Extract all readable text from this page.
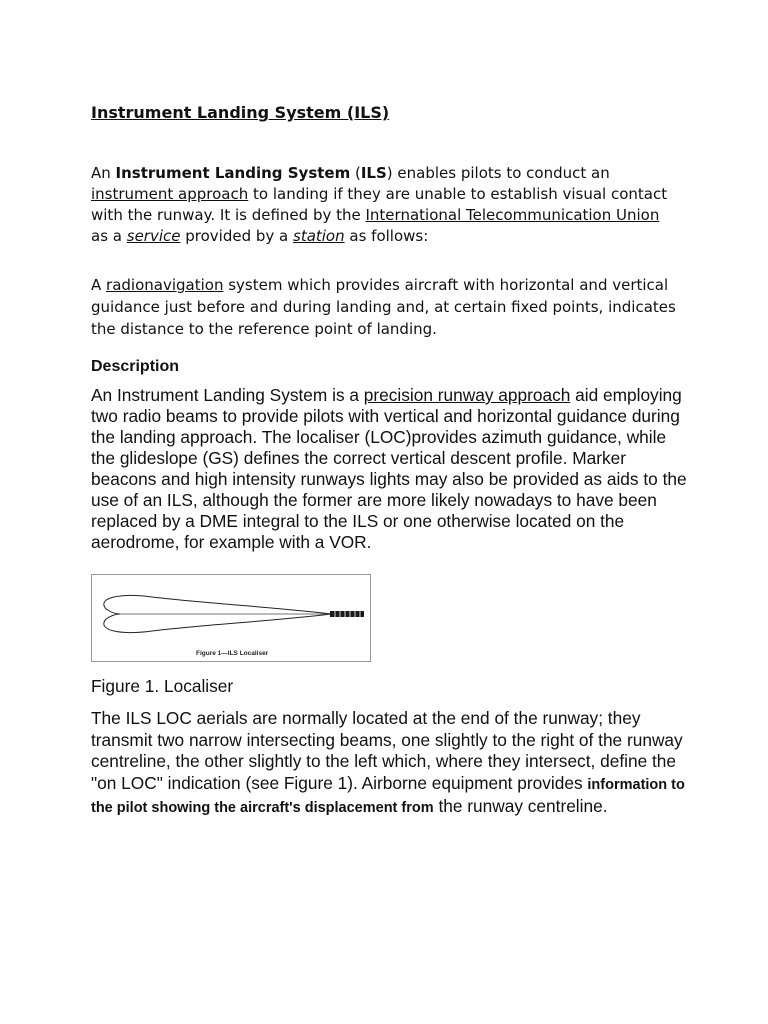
Instrument Landing System (ILS)

An Instrument Landing System (ILS) enables pilots to conduct an instrument approach to landing if they are unable to establish visual contact with the runway. It is defined by the International Telecommunication Union as a service provided by a station as follows:

A radionavigation system which provides aircraft with horizontal and vertical guidance just before and during landing and, at certain fixed points, indicates the distance to the reference point of landing.

Description

An Instrument Landing System is a precision runway approach aid employing two radio beams to provide pilots with vertical and horizontal guidance during the landing approach. The localiser (LOC)provides azimuth guidance, while the glideslope (GS) defines the correct vertical descent profile. Marker beacons and high intensity runways lights may also be provided as aids to the use of an ILS, although the former are more likely nowadays to have been replaced by a DME integral to the ILS or one otherwise located on the aerodrome, for example with a VOR.

Figure 1—ILS Localiser

Figure 1. Localiser

The ILS LOC aerials are normally located at the end of the runway; they transmit two narrow intersecting beams, one slightly to the right of the runway centreline, the other slightly to the left which, where they intersect, define the "on LOC" indication (see Figure 1). Airborne equipment provides information to the pilot showing the aircraft's displacement from the runway centreline.
